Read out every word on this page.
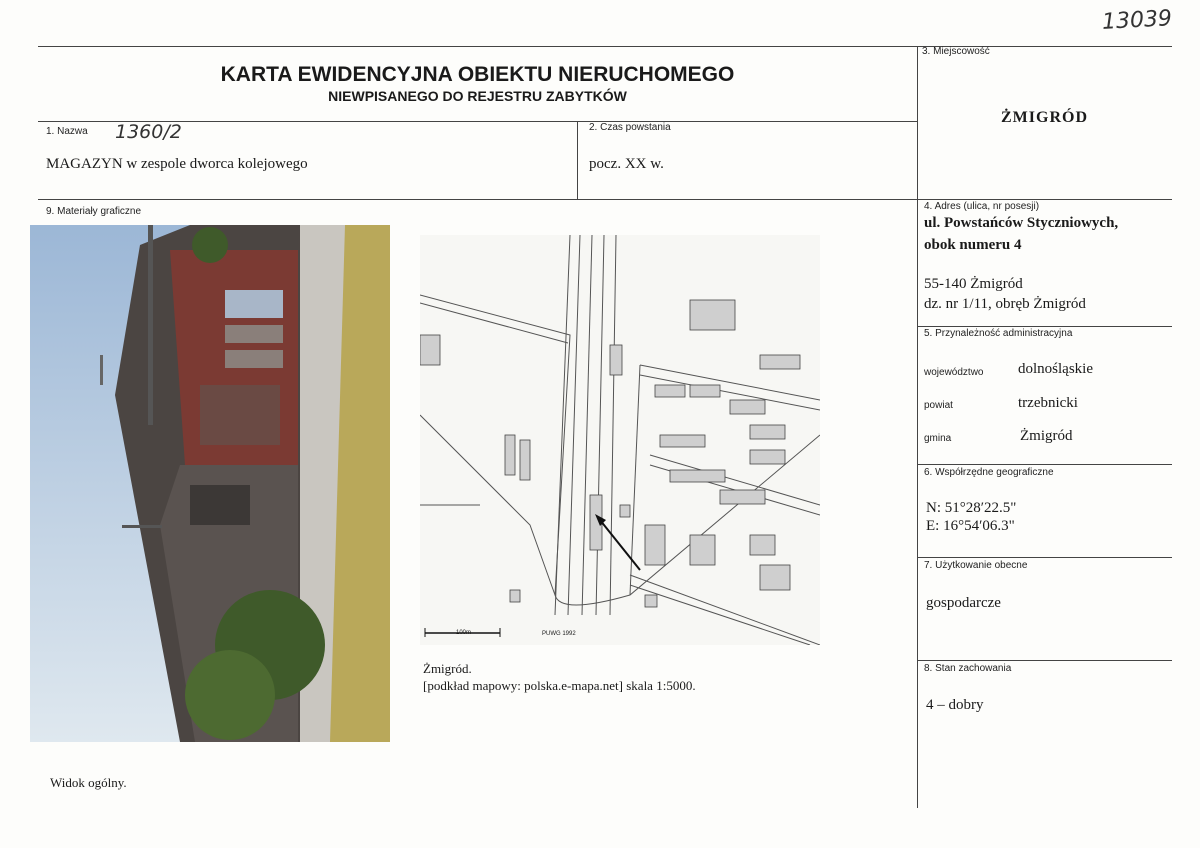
13039
KARTA EWIDENCYJNA OBIEKTU NIERUCHOMEGO
NIEWPISANEGO DO REJESTRU ZABYTKÓW
3. Miejscowość
ŻMIGRÓD
1. Nazwa 1360/2
MAGAZYN w zespole dworca kolejowego
2. Czas powstania
pocz. XX w.
9. Materiały graficzne
Widok ogólny.
100m	PUWG 1992
Żmigród.
[podkład mapowy: polska.e-mapa.net] skala 1:5000.
4. Adres (ulica, nr posesji)
ul. Powstańców Styczniowych,
obok numeru 4
55-140 Żmigród
dz. nr 1/11, obręb Żmigród
5. Przynależność administracyjna
województwo dolnośląskie
powiat	trzebnicki
gmina	Żmigród
6. Współrzędne geograficzne
N: 51°28′22.5"
E: 16°54′06.3"
7. Użytkowanie obecne
gospodarcze
8. Stan zachowania
4 – dobry
